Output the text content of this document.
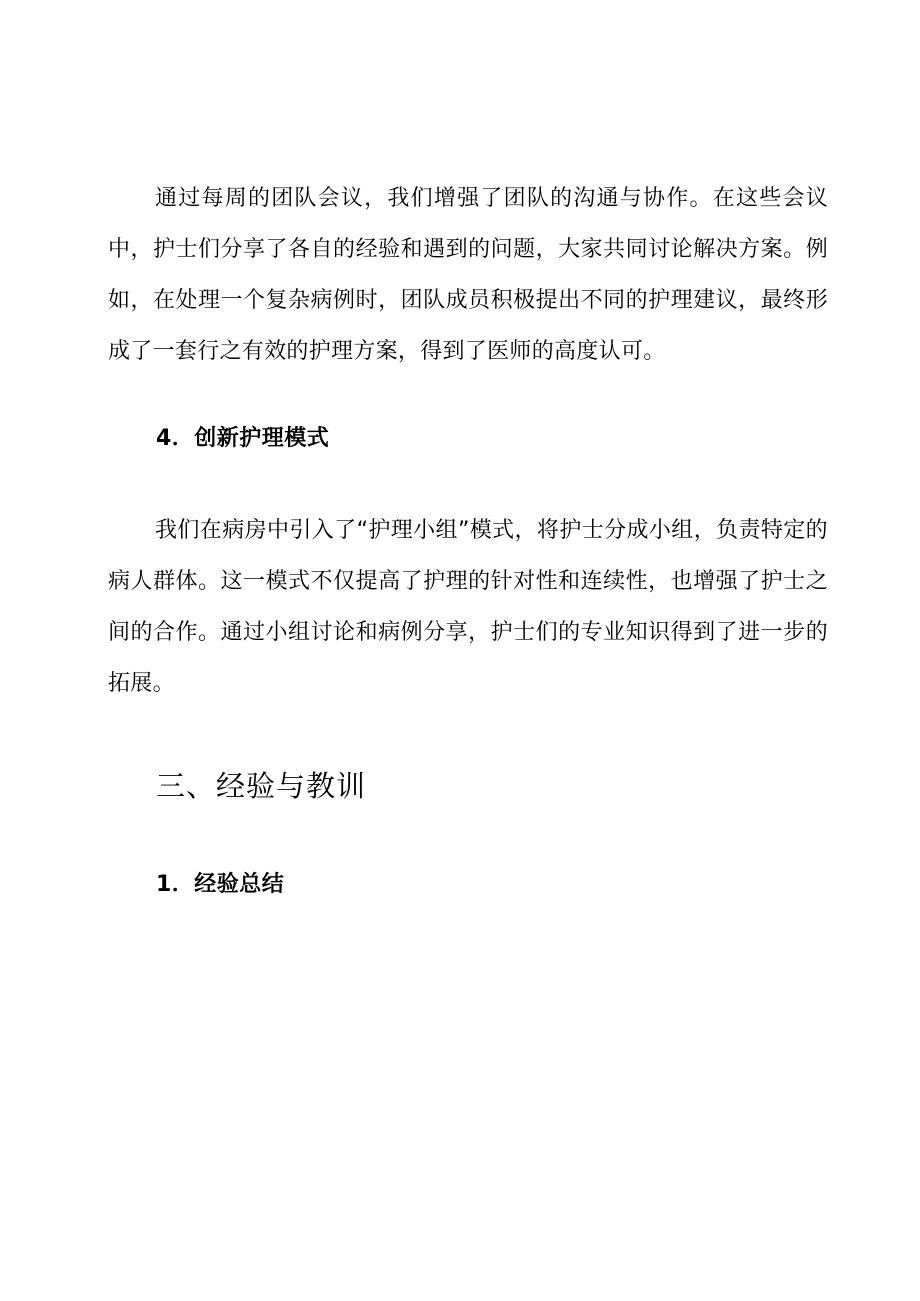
通过每周的团队会议，我们增强了团队的沟通与协作。在这些会议中，护士们分享了各自的经验和遇到的问题，大家共同讨论解决方案。例如，在处理一个复杂病例时，团队成员积极提出不同的护理建议，最终形成了一套行之有效的护理方案，得到了医师的高度认可。

4．创新护理模式

我们在病房中引入了“护理小组”模式，将护士分成小组，负责特定的病人群体。这一模式不仅提高了护理的针对性和连续性，也增强了护士之间的合作。通过小组讨论和病例分享，护士们的专业知识得到了进一步的拓展。

三、经验与教训
1．经验总结
